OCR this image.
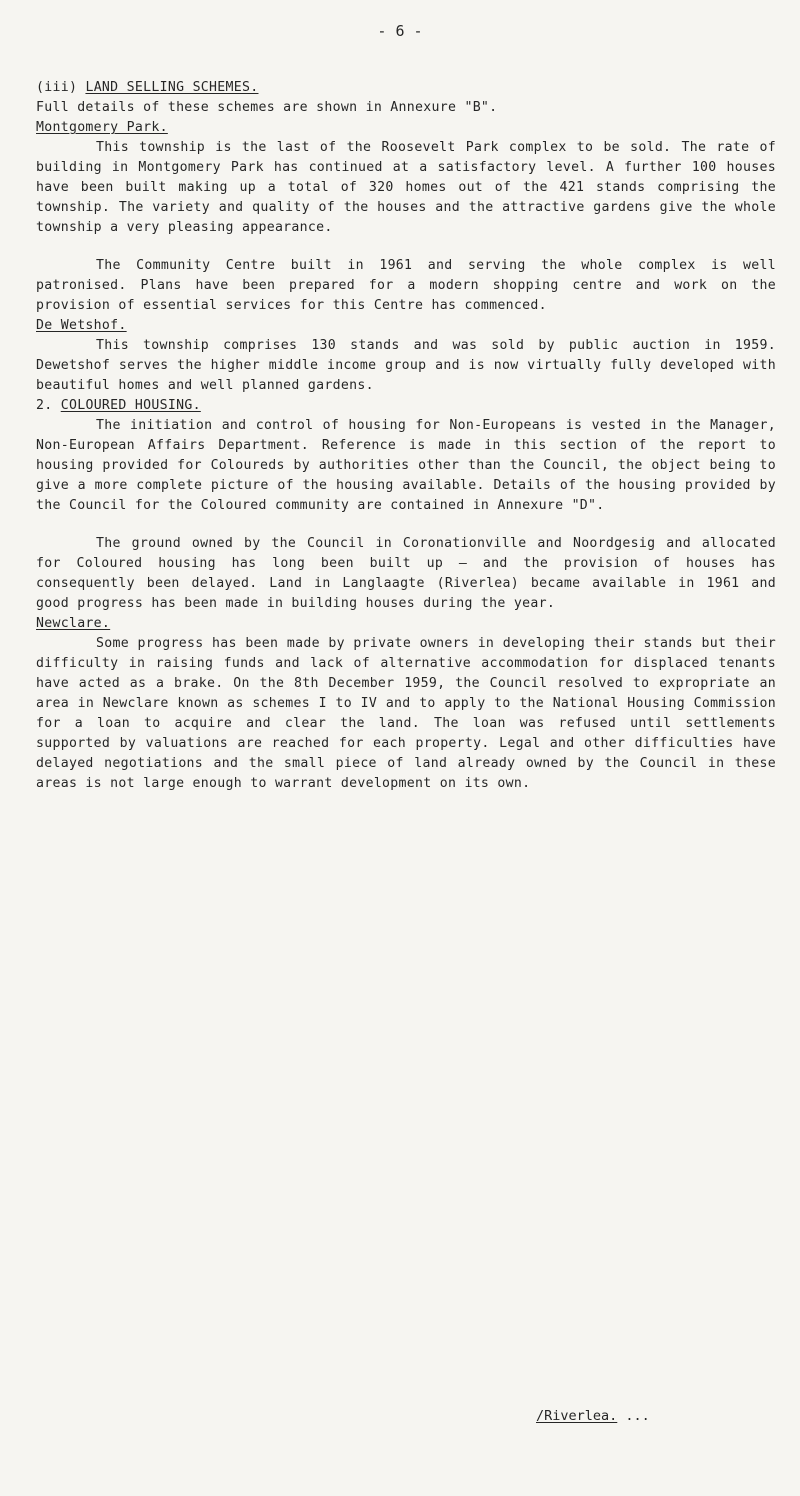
- 6 -

(iii) LAND SELLING SCHEMES.

Full details of these schemes are shown in Annexure "B".

Montgomery Park.

This township is the last of the Roosevelt Park complex to be sold. The rate of building in Montgomery Park has continued at a satisfactory level. A further 100 houses have been built making up a total of 320 homes out of the 421 stands comprising the township. The variety and quality of the houses and the attractive gardens give the whole township a very pleasing appearance.

The Community Centre built in 1961 and serving the whole complex is well patronised. Plans have been prepared for a modern shopping centre and work on the provision of essential services for this Centre has commenced.

De Wetshof.

This township comprises 130 stands and was sold by public auction in 1959. Dewetshof serves the higher middle income group and is now virtually fully developed with beautiful homes and well planned gardens.

2. COLOURED HOUSING.

The initiation and control of housing for Non-Europeans is vested in the Manager, Non-European Affairs Department. Reference is made in this section of the report to housing provided for Coloureds by authorities other than the Council, the object being to give a more complete picture of the housing available. Details of the housing provided by the Council for the Coloured community are contained in Annexure "D".

The ground owned by the Council in Coronationville and Noordgesig and allocated for Coloured housing has long been built up — and the provision of houses has consequently been delayed. Land in Langlaagte (Riverlea) became available in 1961 and good progress has been made in building houses during the year.

Newclare.

Some progress has been made by private owners in developing their stands but their difficulty in raising funds and lack of alternative accommodation for displaced tenants have acted as a brake. On the 8th December 1959, the Council resolved to expropriate an area in Newclare known as schemes I to IV and to apply to the National Housing Commission for a loan to acquire and clear the land. The loan was refused until settlements supported by valuations are reached for each property. Legal and other difficulties have delayed negotiations and the small piece of land already owned by the Council in these areas is not large enough to warrant development on its own.

/Riverlea. ...
